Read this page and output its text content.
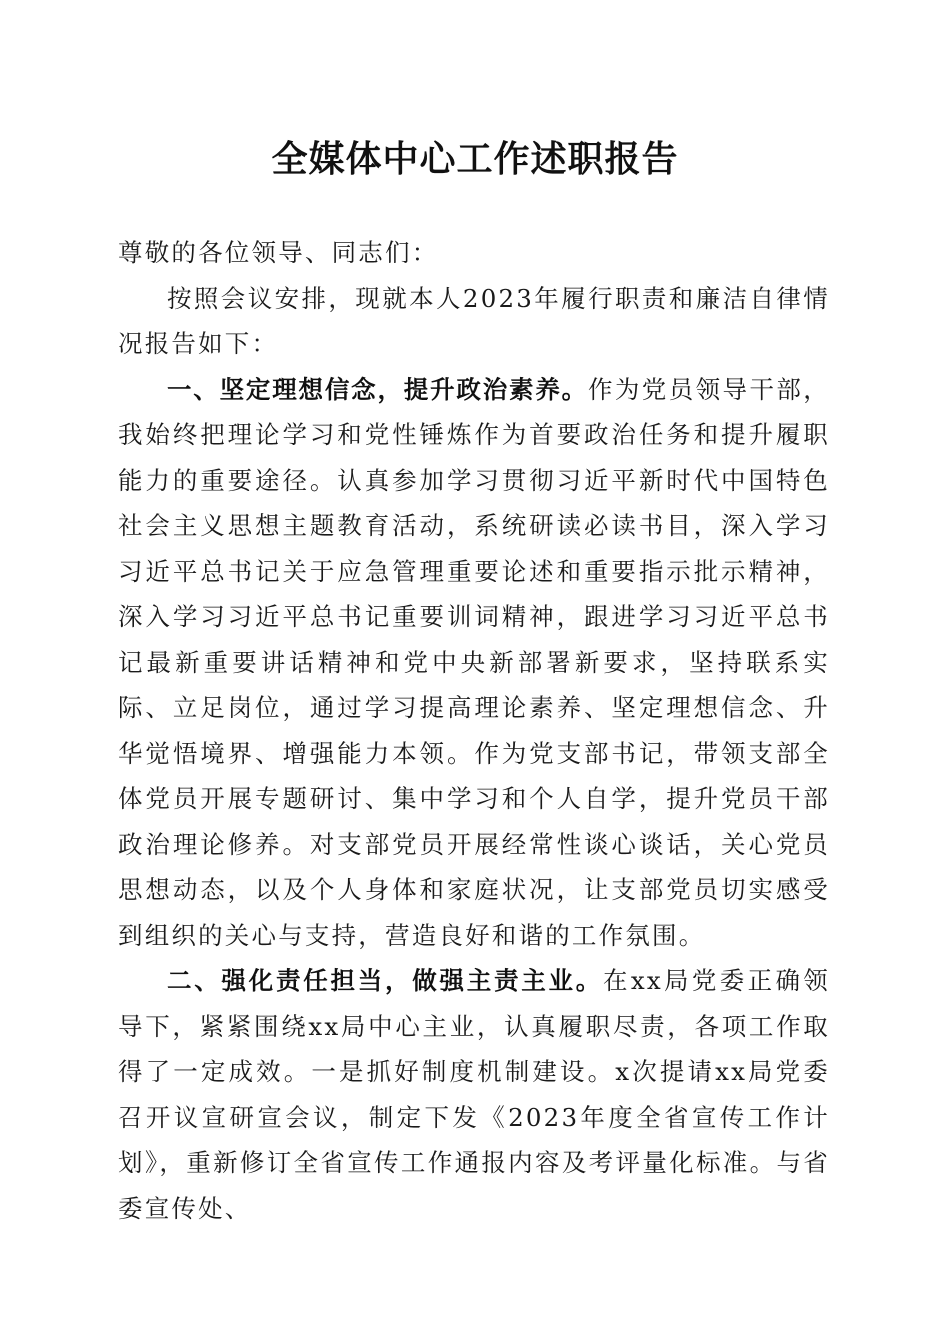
全媒体中心工作述职报告

尊敬的各位领导、同志们：

按照会议安排，现就本人2023年履行职责和廉洁自律情况报告如下：

一、坚定理想信念，提升政治素养。作为党员领导干部，我始终把理论学习和党性锤炼作为首要政治任务和提升履职能力的重要途径。认真参加学习贯彻习近平新时代中国特色社会主义思想主题教育活动，系统研读必读书目，深入学习习近平总书记关于应急管理重要论述和重要指示批示精神，深入学习习近平总书记重要训词精神，跟进学习习近平总书记最新重要讲话精神和党中央新部署新要求，坚持联系实际、立足岗位，通过学习提高理论素养、坚定理想信念、升华觉悟境界、增强能力本领。作为党支部书记，带领支部全体党员开展专题研讨、集中学习和个人自学，提升党员干部政治理论修养。对支部党员开展经常性谈心谈话，关心党员思想动态，以及个人身体和家庭状况，让支部党员切实感受到组织的关心与支持，营造良好和谐的工作氛围。

二、强化责任担当，做强主责主业。在xx局党委正确领导下，紧紧围绕xx局中心主业，认真履职尽责，各项工作取得了一定成效。一是抓好制度机制建设。x次提请xx局党委召开议宣研宣会议，制定下发《2023年度全省宣传工作计划》，重新修订全省宣传工作通报内容及考评量化标准。与省委宣传处、
